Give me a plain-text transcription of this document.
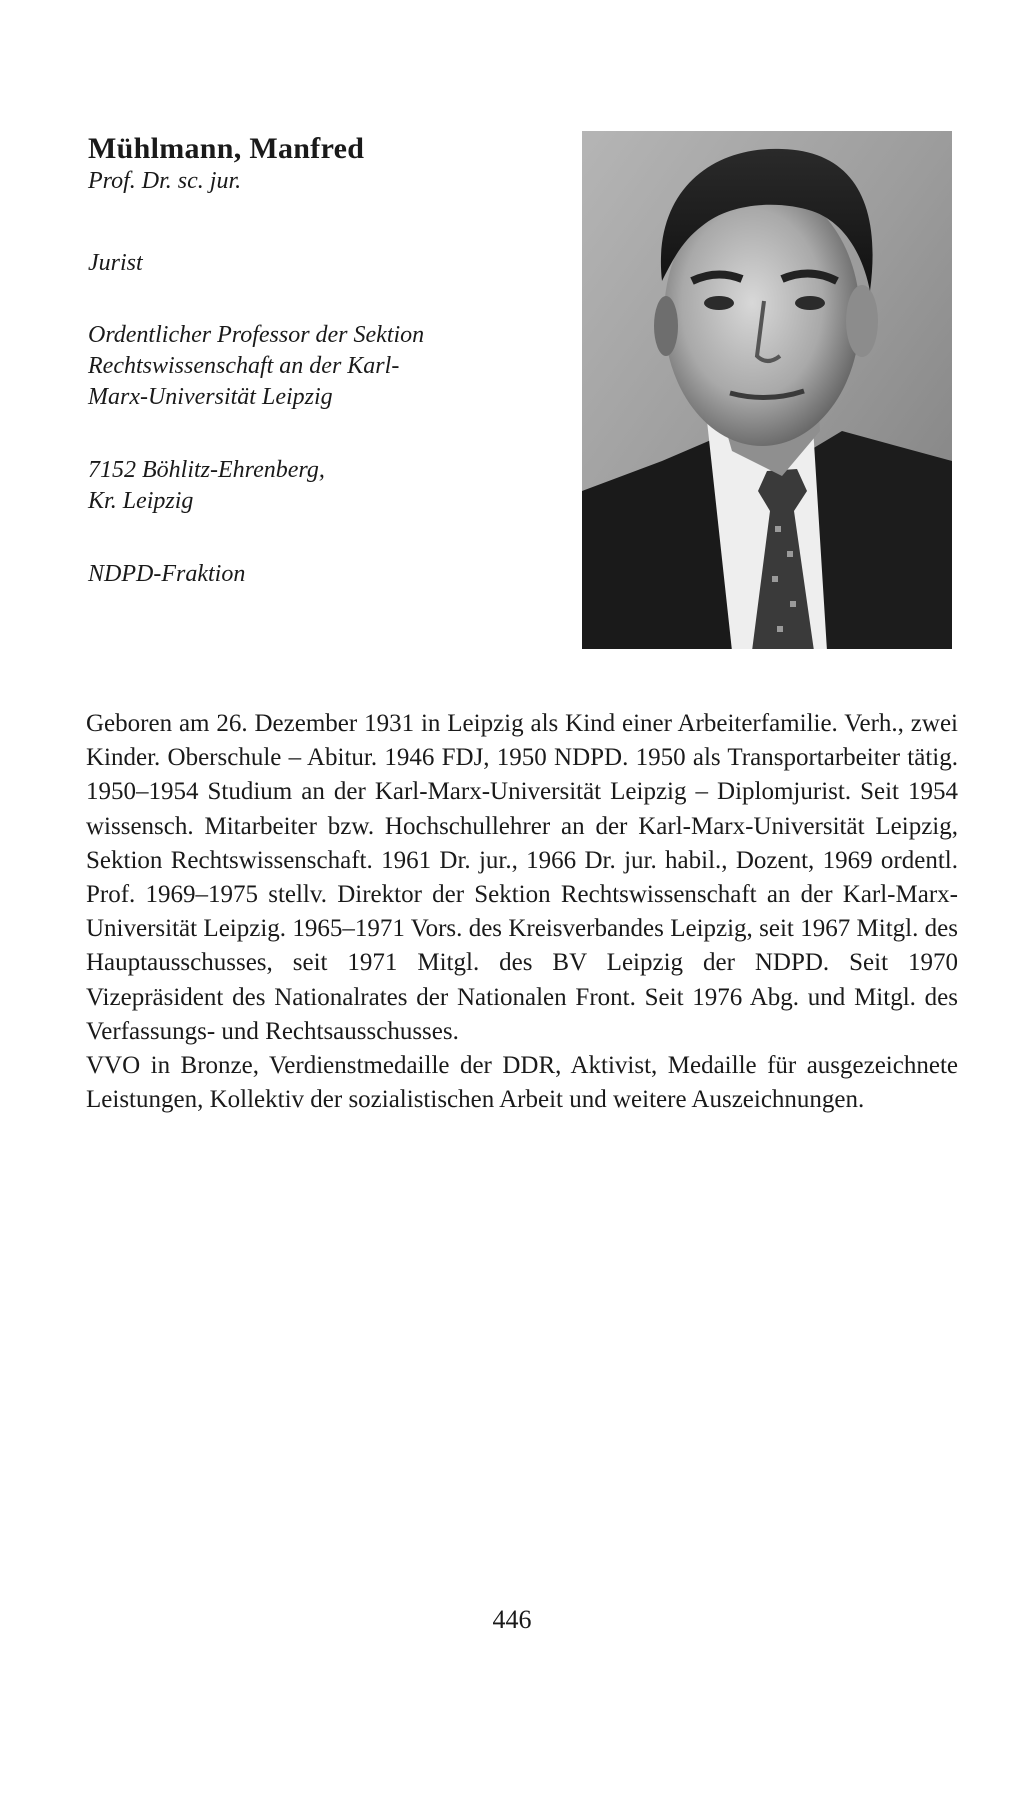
Mühlmann, Manfred

Prof. Dr. sc. jur.

Jurist

Ordentlicher Professor der Sektion
Rechtswissenschaft an der Karl-
Marx-Universität Leipzig

7152 Böhlitz-Ehrenberg,
Kr. Leipzig

NDPD-Fraktion

Geboren am 26. Dezember 1931 in Leipzig als Kind einer Arbeiterfamilie. Verh., zwei Kinder. Oberschule – Abitur. 1946 FDJ, 1950 NDPD. 1950 als Transportarbeiter tätig. 1950–1954 Studium an der Karl-Marx-Universität Leipzig – Diplomjurist. Seit 1954 wissensch. Mitarbeiter bzw. Hochschullehrer an der Karl-Marx-Universität Leipzig, Sektion Rechtswissenschaft. 1961 Dr. jur., 1966 Dr. jur. habil., Dozent, 1969 ordentl. Prof. 1969–1975 stellv. Direktor der Sektion Rechtswissenschaft an der Karl-Marx-Universität Leipzig. 1965–1971 Vors. des Kreisverbandes Leipzig, seit 1967 Mitgl. des Hauptausschusses, seit 1971 Mitgl. des BV Leipzig der NDPD. Seit 1970 Vizepräsident des Nationalrates der Nationalen Front. Seit 1976 Abg. und Mitgl. des Verfassungs- und Rechtsausschusses.

VVO in Bronze, Verdienstmedaille der DDR, Aktivist, Medaille für ausgezeichnete Leistungen, Kollektiv der sozialistischen Arbeit und weitere Auszeichnungen.

446
